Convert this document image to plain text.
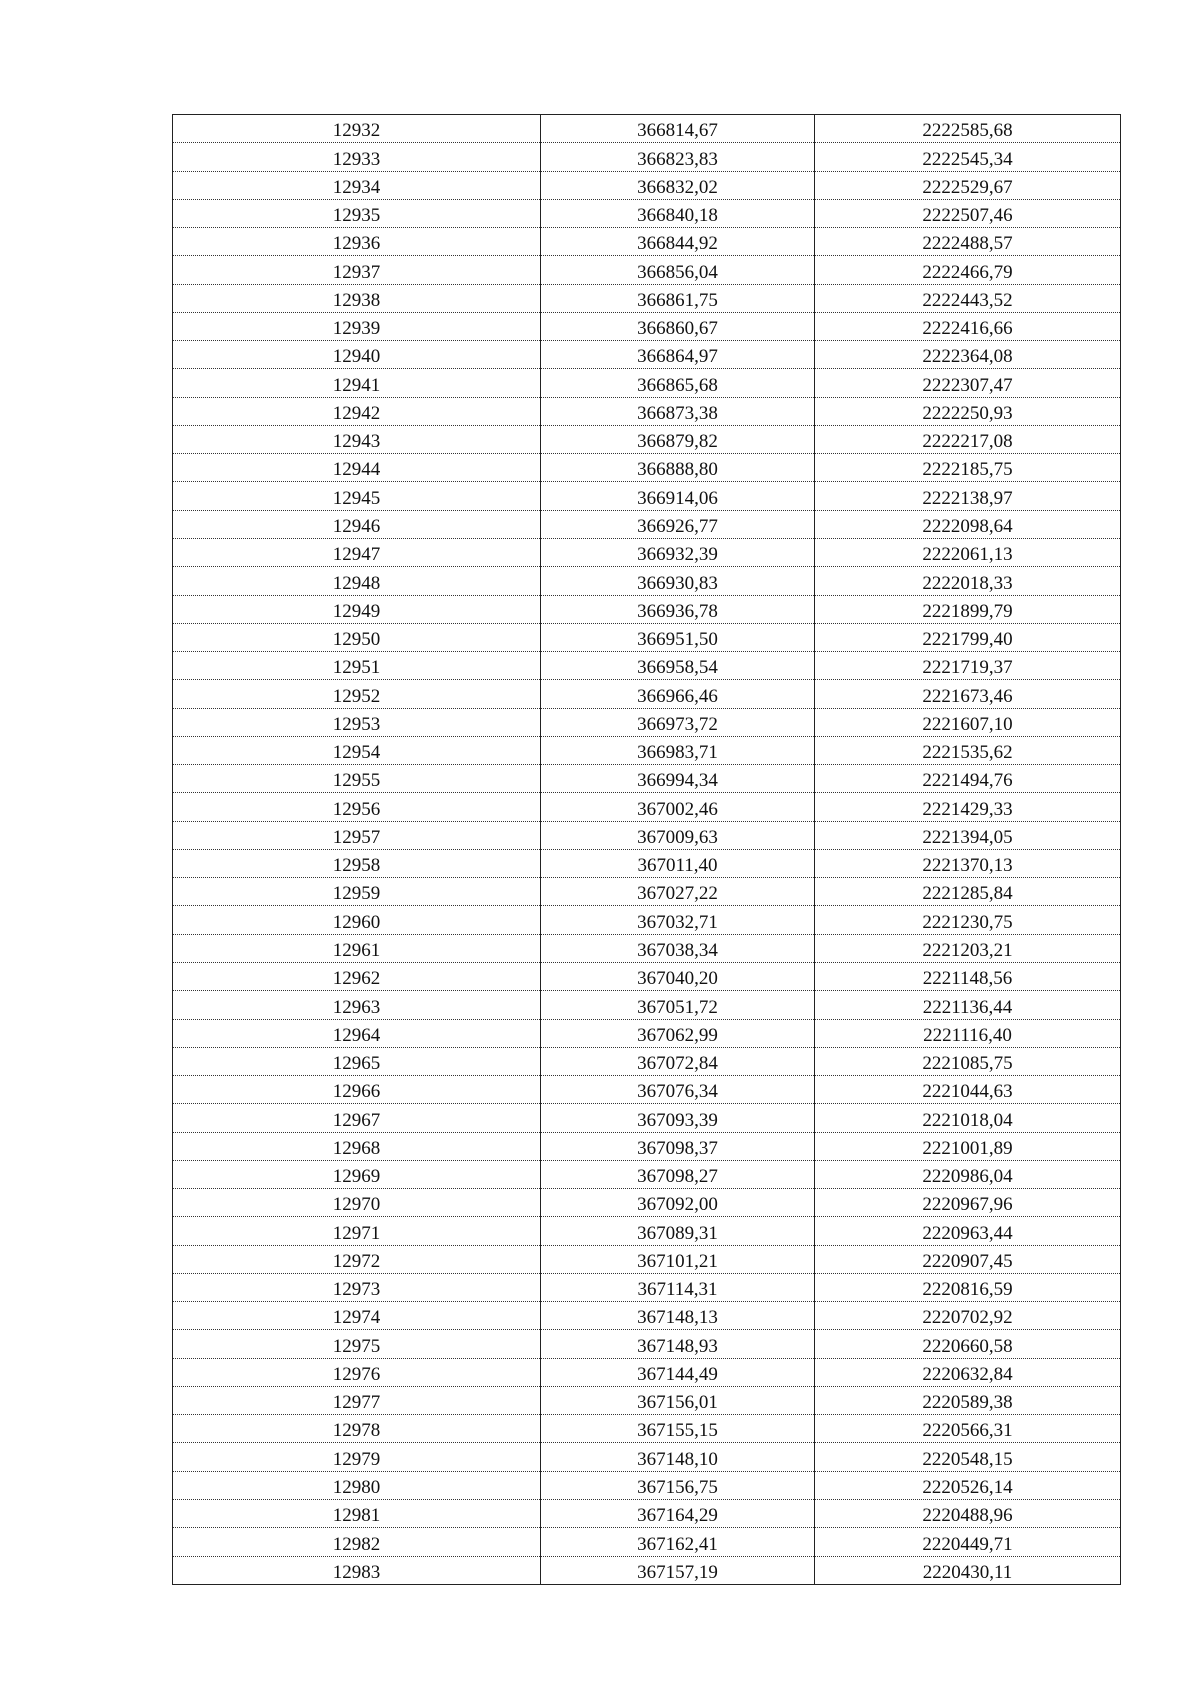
12932	366814,67	2222585,68
12933	366823,83	2222545,34
12934	366832,02	2222529,67
12935	366840,18	2222507,46
12936	366844,92	2222488,57
12937	366856,04	2222466,79
12938	366861,75	2222443,52
12939	366860,67	2222416,66
12940	366864,97	2222364,08
12941	366865,68	2222307,47
12942	366873,38	2222250,93
12943	366879,82	2222217,08
12944	366888,80	2222185,75
12945	366914,06	2222138,97
12946	366926,77	2222098,64
12947	366932,39	2222061,13
12948	366930,83	2222018,33
12949	366936,78	2221899,79
12950	366951,50	2221799,40
12951	366958,54	2221719,37
12952	366966,46	2221673,46
12953	366973,72	2221607,10
12954	366983,71	2221535,62
12955	366994,34	2221494,76
12956	367002,46	2221429,33
12957	367009,63	2221394,05
12958	367011,40	2221370,13
12959	367027,22	2221285,84
12960	367032,71	2221230,75
12961	367038,34	2221203,21
12962	367040,20	2221148,56
12963	367051,72	2221136,44
12964	367062,99	2221116,40
12965	367072,84	2221085,75
12966	367076,34	2221044,63
12967	367093,39	2221018,04
12968	367098,37	2221001,89
12969	367098,27	2220986,04
12970	367092,00	2220967,96
12971	367089,31	2220963,44
12972	367101,21	2220907,45
12973	367114,31	2220816,59
12974	367148,13	2220702,92
12975	367148,93	2220660,58
12976	367144,49	2220632,84
12977	367156,01	2220589,38
12978	367155,15	2220566,31
12979	367148,10	2220548,15
12980	367156,75	2220526,14
12981	367164,29	2220488,96
12982	367162,41	2220449,71
12983	367157,19	2220430,11
